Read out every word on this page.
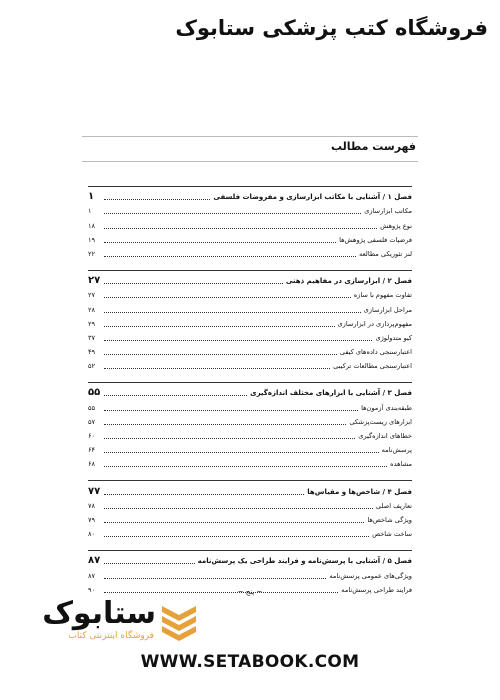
فروشگاه کتب پزشکی ستابوک
فهرست مطالب
فصل ۱ / آشنایی با مکاتب ابزارسازی و مفروضات فلسفی
۱
مکاتب ابزارسازی
۱
نوع پژوهش
۱۸
فرضیات فلسفی پژوهش‌ها
۱۹
لنز تئوریکی مطالعه
۲۲
فصل ۲ / ابزارسازی در مفاهیم ذهنی
۲۷
تفاوت مفهوم با سازه
۲۷
مراحل ابزارسازی
۲۸
مفهوم‌پردازی در ابزارسازی
۲۹
کیو متدولوژی
۳۷
اعتبارسنجی داده‌های کیفی
۴۹
اعتبارسنجی مطالعات ترکیبی
۵۲
فصل ۳ / آشنایی با ابزارهای مختلف اندازه‌گیری
۵۵
طبقه‌بندی آزمون‌ها
۵۵
ابزارهای زیست‌پزشکی
۵۷
خطاهای اندازه‌گیری
۶۰
پرسش‌نامه
۶۴
مشاهده
۶۸
فصل ۴ / شاخص‌ها و مقیاس‌ها
۷۷
تعاریف اصلی
۷۸
ویژگی شاخص‌ها
۷۹
ساخت شاخص
۸۰
فصل ۵ / آشنایی با پرسش‌نامه و فرایند طراحی یک پرسش‌نامه
۸۷
ویژگی‌های عمومی پرسش‌نامه
۸۷
فرایند طراحی پرسش‌نامه
۹۰	~ پنج ~
ستابوک
فروشگاه اینترنتی کتاب
WWW.SETABOOK.COM
